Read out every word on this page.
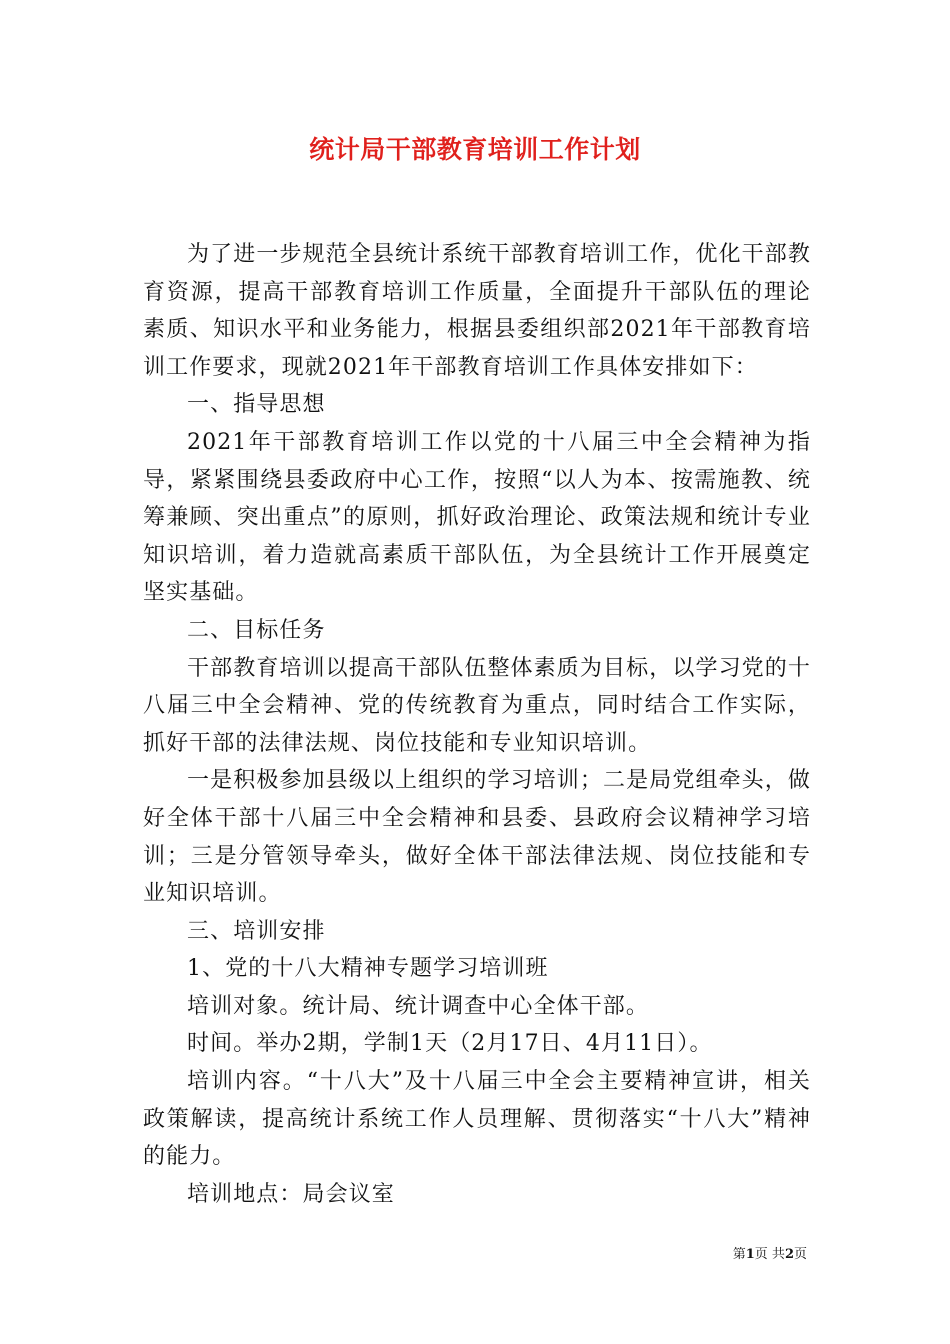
统计局干部教育培训工作计划

为了进一步规范全县统计系统干部教育培训工作，优化干部教育资源，提高干部教育培训工作质量，全面提升干部队伍的理论素质、知识水平和业务能力，根据县委组织部2021年干部教育培训工作要求，现就2021年干部教育培训工作具体安排如下：

一、指导思想

2021年干部教育培训工作以党的十八届三中全会精神为指导，紧紧围绕县委政府中心工作，按照“以人为本、按需施教、统筹兼顾、突出重点”的原则，抓好政治理论、政策法规和统计专业知识培训，着力造就高素质干部队伍，为全县统计工作开展奠定坚实基础。

二、目标任务

干部教育培训以提高干部队伍整体素质为目标，以学习党的十八届三中全会精神、党的传统教育为重点，同时结合工作实际，抓好干部的法律法规、岗位技能和专业知识培训。

一是积极参加县级以上组织的学习培训；二是局党组牵头，做好全体干部十八届三中全会精神和县委、县政府会议精神学习培训；三是分管领导牵头，做好全体干部法律法规、岗位技能和专业知识培训。

三、培训安排

1、党的十八大精神专题学习培训班

培训对象。统计局、统计调查中心全体干部。

时间。举办2期，学制1天（2月17日、4月11日）。

培训内容。“十八大”及十八届三中全会主要精神宣讲，相关政策解读，提高统计系统工作人员理解、贯彻落实“十八大”精神的能力。

培训地点：局会议室

第1页 共2页
